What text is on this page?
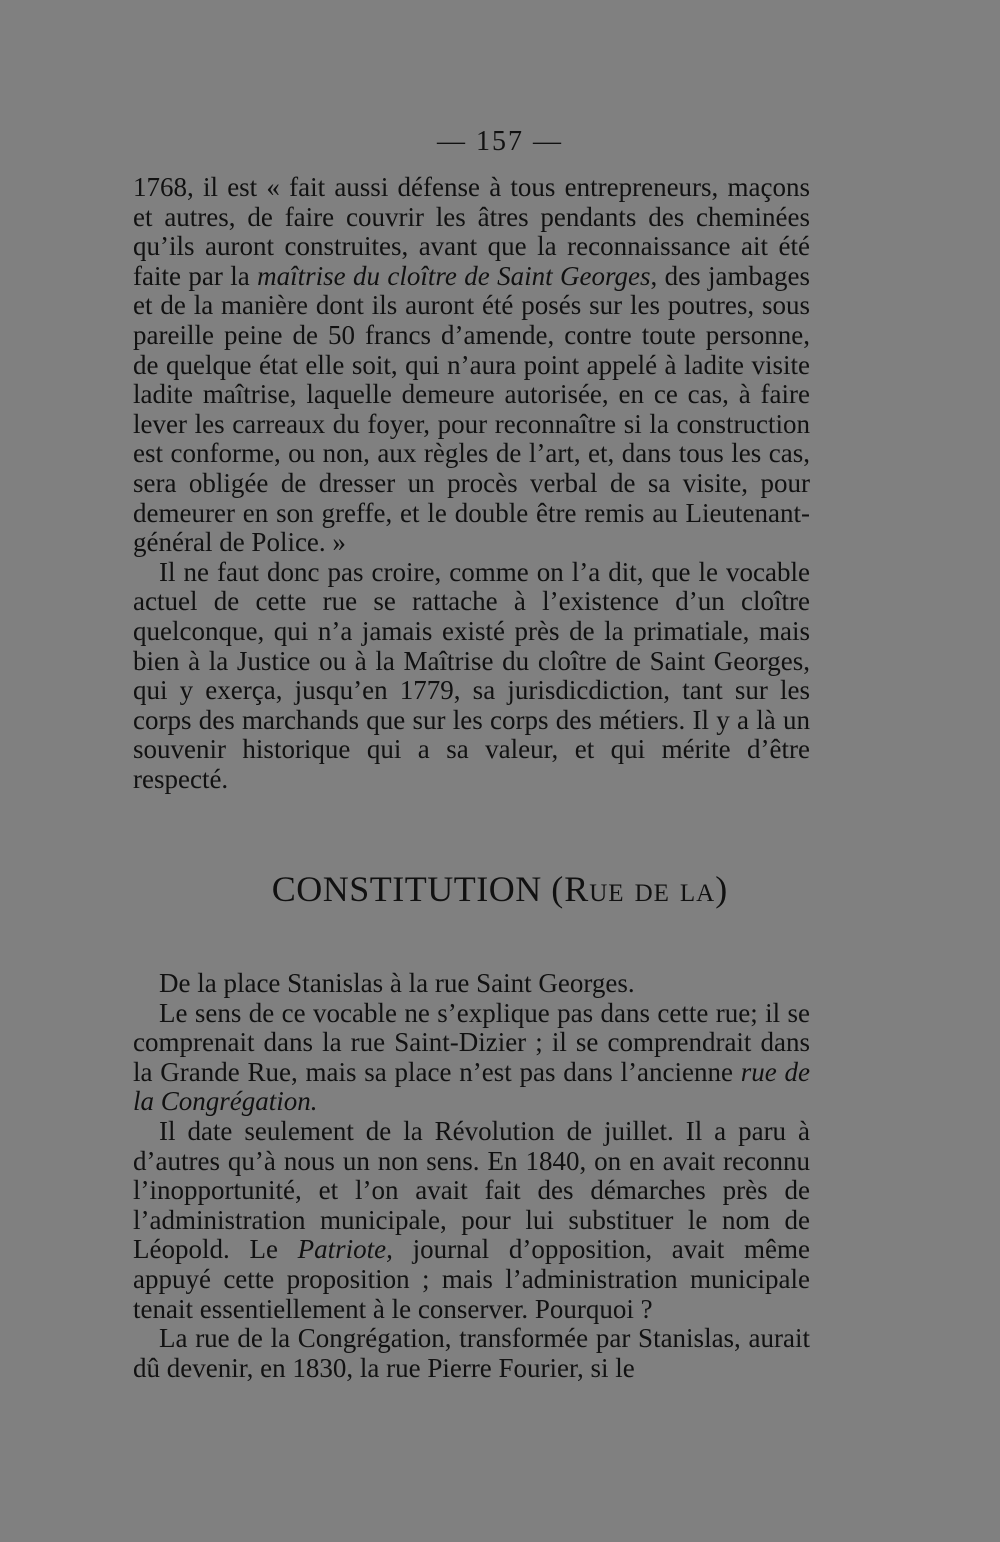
— 157 —

1768, il est « fait aussi défense à tous entrepreneurs, maçons et autres, de faire couvrir les âtres pendants des cheminées qu’ils auront construites, avant que la reconnaissance ait été faite par la maîtrise du cloître de Saint Georges, des jambages et de la manière dont ils auront été posés sur les poutres, sous pareille peine de 50 francs d’amende, contre toute personne, de quelque état elle soit, qui n’aura point appelé à ladite visite ladite maîtrise, laquelle demeure autorisée, en ce cas, à faire lever les carreaux du foyer, pour reconnaître si la construction est conforme, ou non, aux règles de l’art, et, dans tous les cas, sera obligée de dresser un procès verbal de sa visite, pour demeurer en son greffe, et le double être remis au Lieutenant-général de Police. »

Il ne faut donc pas croire, comme on l’a dit, que le vocable actuel de cette rue se rattache à l’existence d’un cloître quelconque, qui n’a jamais existé près de la primatiale, mais bien à la Justice ou à la Maîtrise du cloître de Saint Georges, qui y exerça, jusqu’en 1779, sa jurisdicdiction, tant sur les corps des marchands que sur les corps des métiers. Il y a là un souvenir historique qui a sa valeur, et qui mérite d’être respecté.

CONSTITUTION (Rue de la)

De la place Stanislas à la rue Saint Georges.

Le sens de ce vocable ne s’explique pas dans cette rue; il se comprenait dans la rue Saint-Dizier ; il se comprendrait dans la Grande Rue, mais sa place n’est pas dans l’ancienne rue de la Congrégation.

Il date seulement de la Révolution de juillet. Il a paru à d’autres qu’à nous un non sens. En 1840, on en avait reconnu l’inopportunité, et l’on avait fait des démarches près de l’administration municipale, pour lui substituer le nom de Léopold. Le Patriote, journal d’opposition, avait même appuyé cette proposition ; mais l’administration municipale tenait essentiellement à le conserver. Pourquoi ?

La rue de la Congrégation, transformée par Stanislas, aurait dû devenir, en 1830, la rue Pierre Fourier, si le
